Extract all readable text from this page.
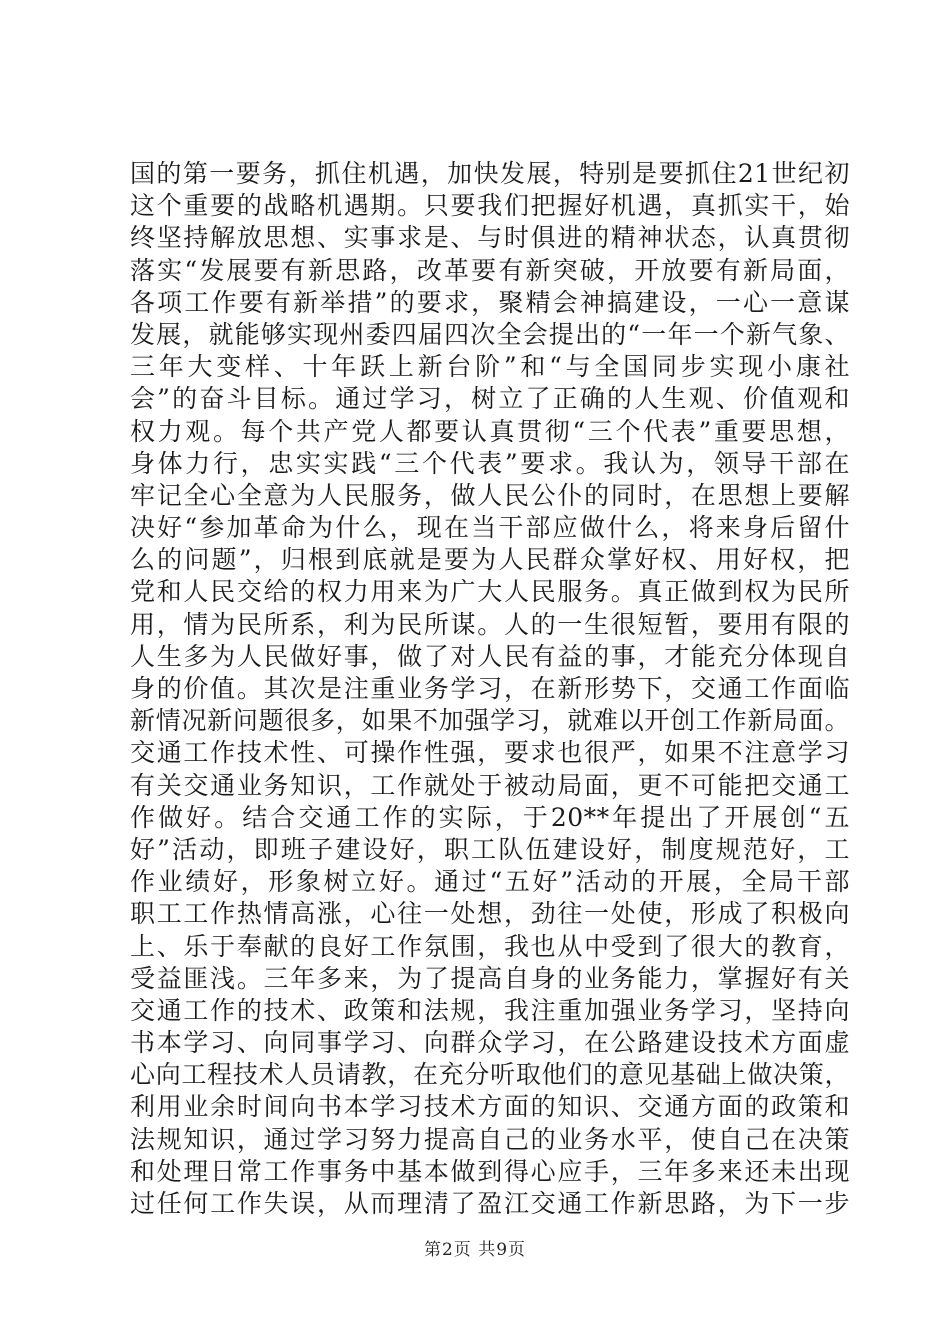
国的第一要务，抓住机遇，加快发展，特别是要抓住21世纪初
这个重要的战略机遇期。只要我们把握好机遇，真抓实干，始
终坚持解放思想、实事求是、与时俱进的精神状态，认真贯彻
落实“发展要有新思路，改革要有新突破，开放要有新局面，
各项工作要有新举措”的要求，聚精会神搞建设，一心一意谋
发展，就能够实现州委四届四次全会提出的“一年一个新气象、
三年大变样、十年跃上新台阶”和“与全国同步实现小康社
会”的奋斗目标。通过学习，树立了正确的人生观、价值观和
权力观。每个共产党人都要认真贯彻“三个代表”重要思想，
身体力行，忠实实践“三个代表”要求。我认为，领导干部在
牢记全心全意为人民服务，做人民公仆的同时，在思想上要解
决好“参加革命为什么，现在当干部应做什么，将来身后留什
么的问题”，归根到底就是要为人民群众掌好权、用好权，把
党和人民交给的权力用来为广大人民服务。真正做到权为民所
用，情为民所系，利为民所谋。人的一生很短暂，要用有限的
人生多为人民做好事，做了对人民有益的事，才能充分体现自
身的价值。其次是注重业务学习，在新形势下，交通工作面临
新情况新问题很多，如果不加强学习，就难以开创工作新局面。
交通工作技术性、可操作性强，要求也很严，如果不注意学习
有关交通业务知识，工作就处于被动局面，更不可能把交通工
作做好。结合交通工作的实际，于20**年提出了开展创“五
好”活动，即班子建设好，职工队伍建设好，制度规范好，工
作业绩好，形象树立好。通过“五好”活动的开展，全局干部
职工工作热情高涨，心往一处想，劲往一处使，形成了积极向
上、乐于奉献的良好工作氛围，我也从中受到了很大的教育，
受益匪浅。三年多来，为了提高自身的业务能力，掌握好有关
交通工作的技术、政策和法规，我注重加强业务学习，坚持向
书本学习、向同事学习、向群众学习，在公路建设技术方面虚
心向工程技术人员请教，在充分听取他们的意见基础上做决策，
利用业余时间向书本学习技术方面的知识、交通方面的政策和
法规知识，通过学习努力提高自己的业务水平，使自己在决策
和处理日常工作事务中基本做到得心应手，三年多来还未出现
过任何工作失误，从而理清了盈江交通工作新思路，为下一步
第2页 共9页
